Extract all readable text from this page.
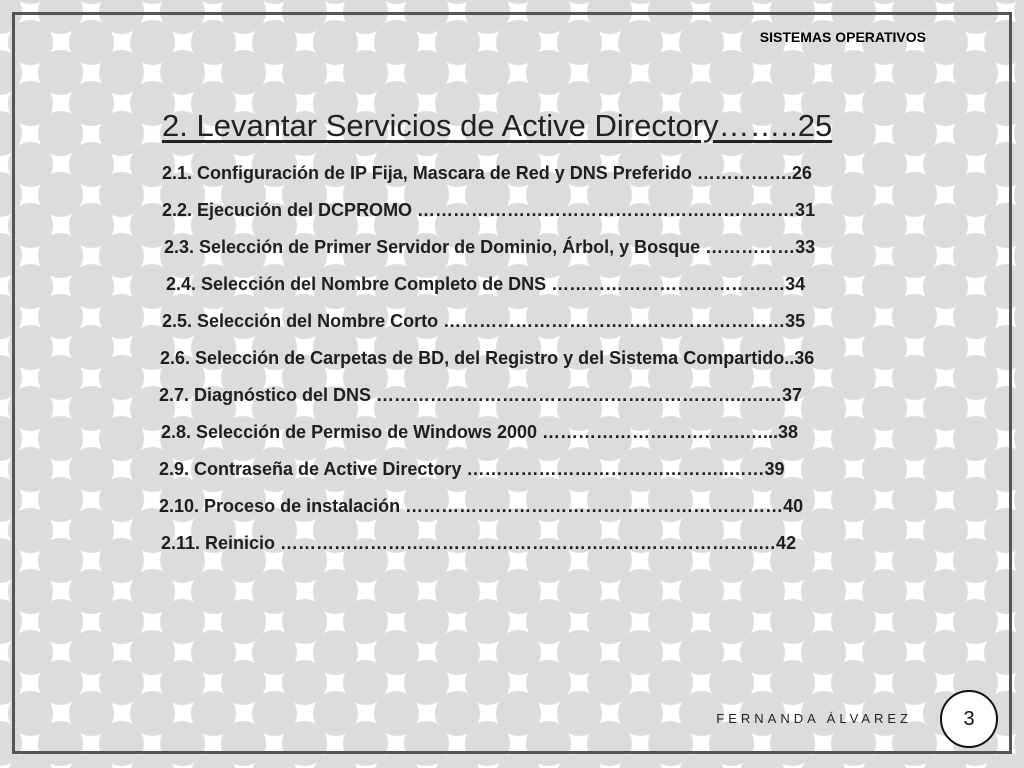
SISTEMAS OPERATIVOS
2. Levantar Servicios de Active Directory……..25
2.1. Configuración de IP Fija, Mascara de Red y DNS Preferido …………….26
2.2. Ejecución del DCPROMO ………………………………………………………31
2.3. Selección de Primer Servidor de Dominio, Árbol, y Bosque ……………33
2.4. Selección del Nombre Completo de DNS …………………………………34
2.5. Selección del Nombre Corto …………………………………………………35
2.6. Selección de Carpetas de BD, del Registro y del Sistema Compartido..36
2.7. Diagnóstico del DNS ……………………………………………………..……37
2.8. Selección de Permiso de Windows 2000 …………………………….…...38
2.9. Contraseña de Active Directory ……………………………………..……39
2.10. Proceso de instalación ………………………………………………………40
2.11. Reinicio ……………………………………………………………………..…42
FERNANDA ÁLVAREZ	3
